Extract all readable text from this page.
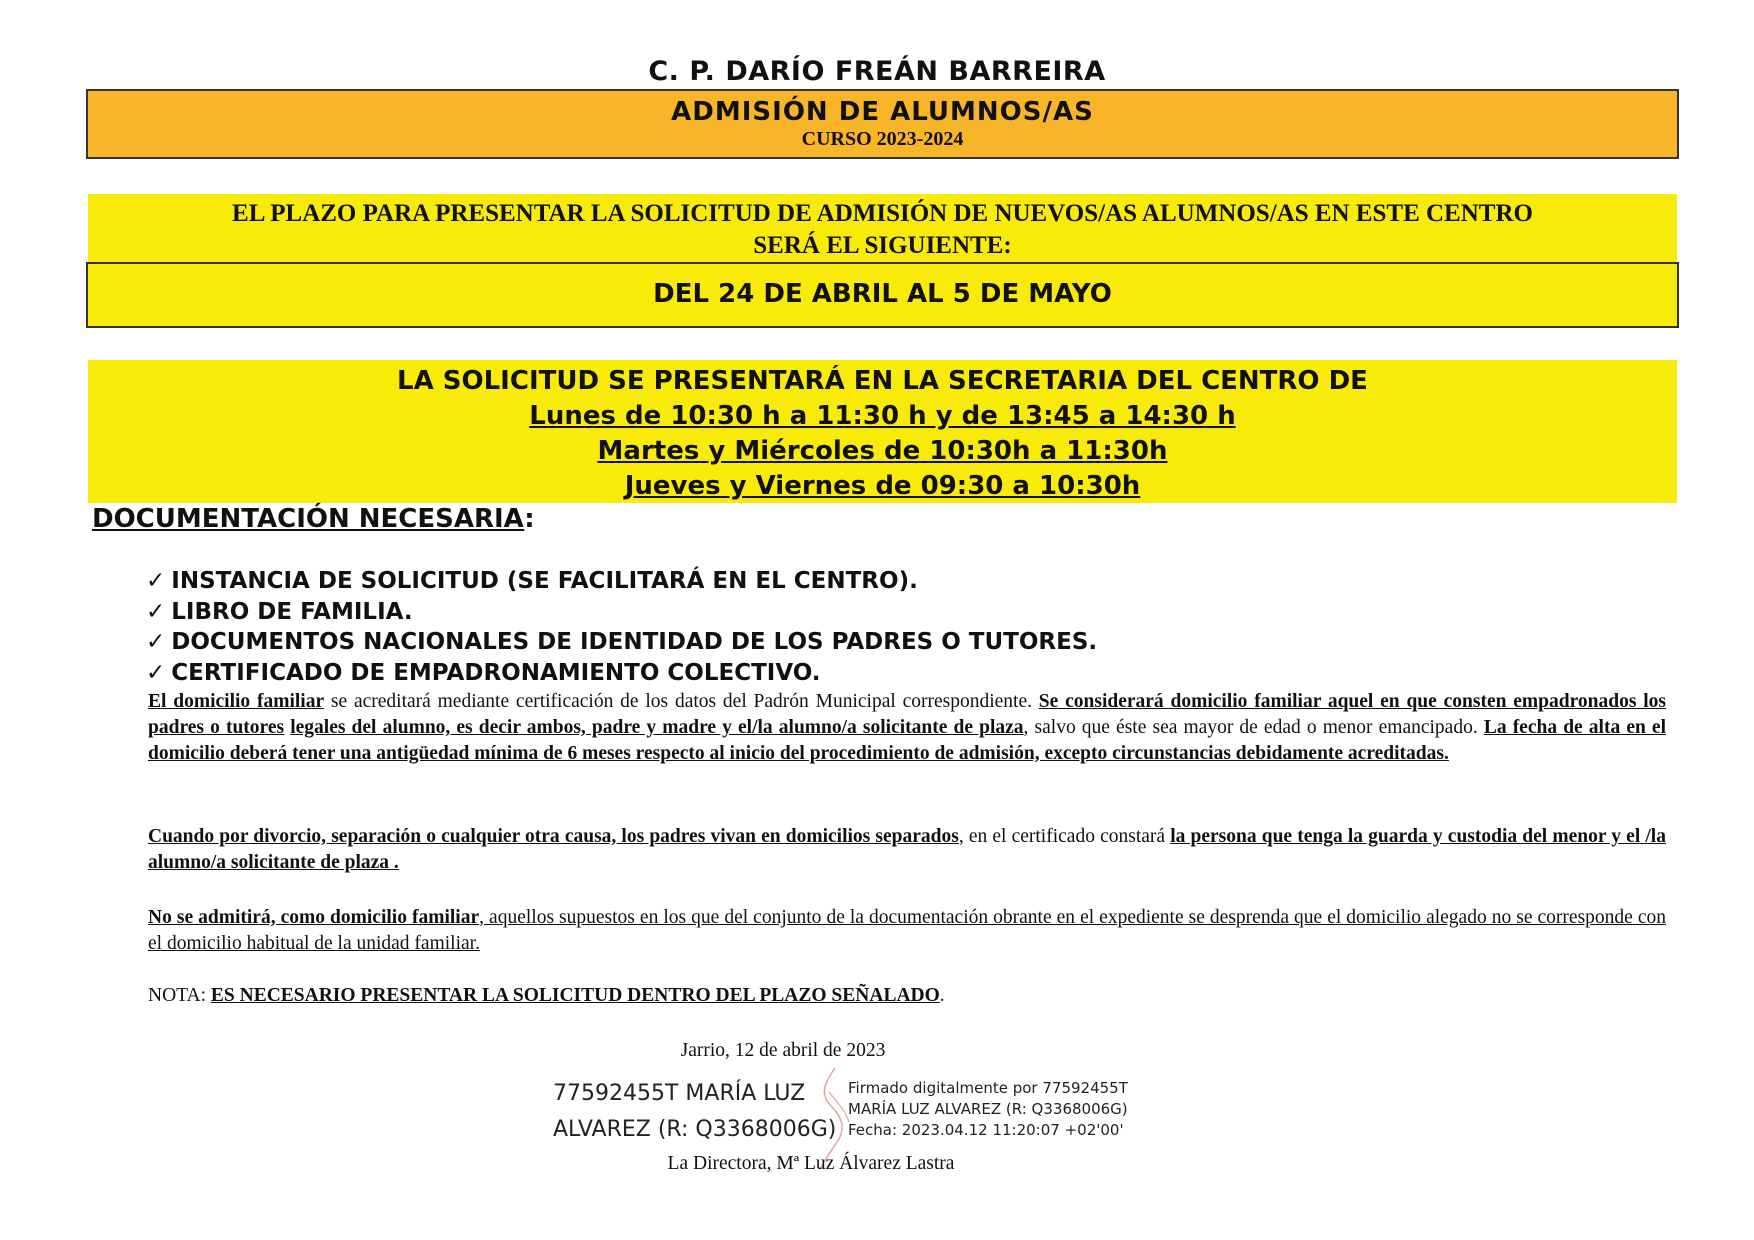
C. P. DARÍO FREÁN BARREIRA
ADMISIÓN DE ALUMNOS/AS
CURSO 2023-2024
EL PLAZO PARA PRESENTAR LA SOLICITUD DE ADMISIÓN DE NUEVOS/AS ALUMNOS/AS EN ESTE CENTRO
SERÁ EL SIGUIENTE:
DEL 24 DE ABRIL AL 5 DE MAYO
LA SOLICITUD SE PRESENTARÁ EN LA SECRETARIA DEL CENTRO DE
Lunes de 10:30 h a 11:30 h y de 13:45 a 14:30 h
Martes y Miércoles de 10:30h a 11:30h
Jueves y Viernes de 09:30 a 10:30h
DOCUMENTACIÓN NECESARIA:
✓ INSTANCIA DE SOLICITUD (SE FACILITARÁ EN EL CENTRO).
✓ LIBRO DE FAMILIA.
✓ DOCUMENTOS NACIONALES DE IDENTIDAD DE LOS PADRES O TUTORES.
✓ CERTIFICADO DE EMPADRONAMIENTO COLECTIVO.
El domicilio familiar se acreditará mediante certificación de los datos del Padrón Municipal correspondiente. Se considerará domicilio familiar aquel en que consten empadronados los padres o tutores legales del alumno, es decir ambos, padre y madre y el/la alumno/a solicitante de plaza, salvo que éste sea mayor de edad o menor emancipado. La fecha de alta en el domicilio deberá tener una antigüedad mínima de 6 meses respecto al inicio del procedimiento de admisión, excepto circunstancias debidamente acreditadas.
Cuando por divorcio, separación o cualquier otra causa, los padres vivan en domicilios separados, en el certificado constará la persona que tenga la guarda y custodia del menor y el /la alumno/a solicitante de plaza .
No se admitirá, como domicilio familiar, aquellos supuestos en los que del conjunto de la documentación obrante en el expediente se desprenda que el domicilio alegado no se corresponde con el domicilio habitual de la unidad familiar.
NOTA: ES NECESARIO PRESENTAR LA SOLICITUD DENTRO DEL PLAZO SEÑALADO.
Jarrio, 12 de abril de 2023
77592455T MARÍA LUZ
ALVAREZ (R: Q3368006G)
Firmado digitalmente por 77592455T
MARÍA LUZ ALVAREZ (R: Q3368006G)
Fecha: 2023.04.12 11:20:07 +02'00'
La Directora, Mª Luz Álvarez Lastra
